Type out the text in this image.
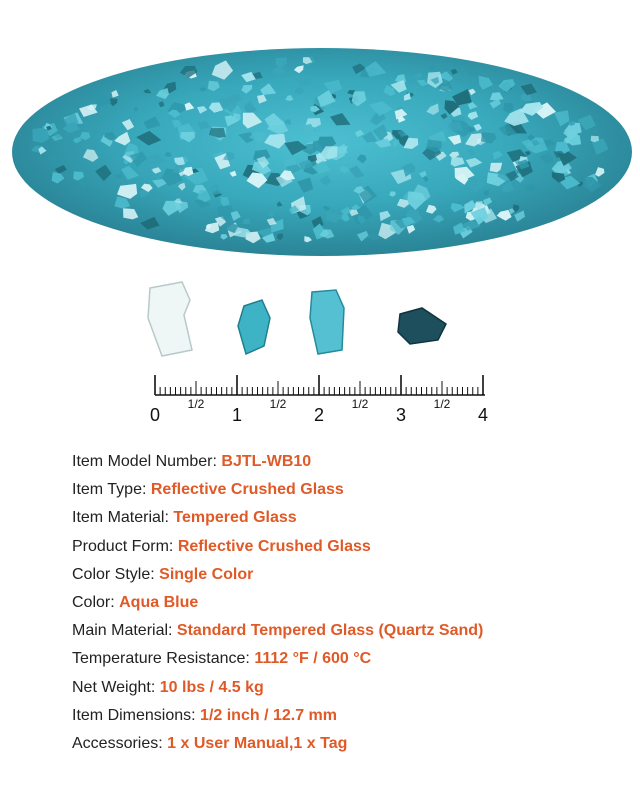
0	1	2	3	4
1/2	1/2	1/2	1/2
Item Model Number: BJTL-WB10
Item Type: Reflective Crushed Glass
Item Material: Tempered Glass
Product Form: Reflective Crushed Glass
Color Style: Single Color
Color: Aqua Blue
Main Material: Standard Tempered Glass (Quartz Sand)
Temperature Resistance: 1112 °F / 600 °C
Net Weight: 10 lbs / 4.5 kg
Item Dimensions: 1/2 inch / 12.7 mm
Accessories: 1 x User Manual,1 x Tag
